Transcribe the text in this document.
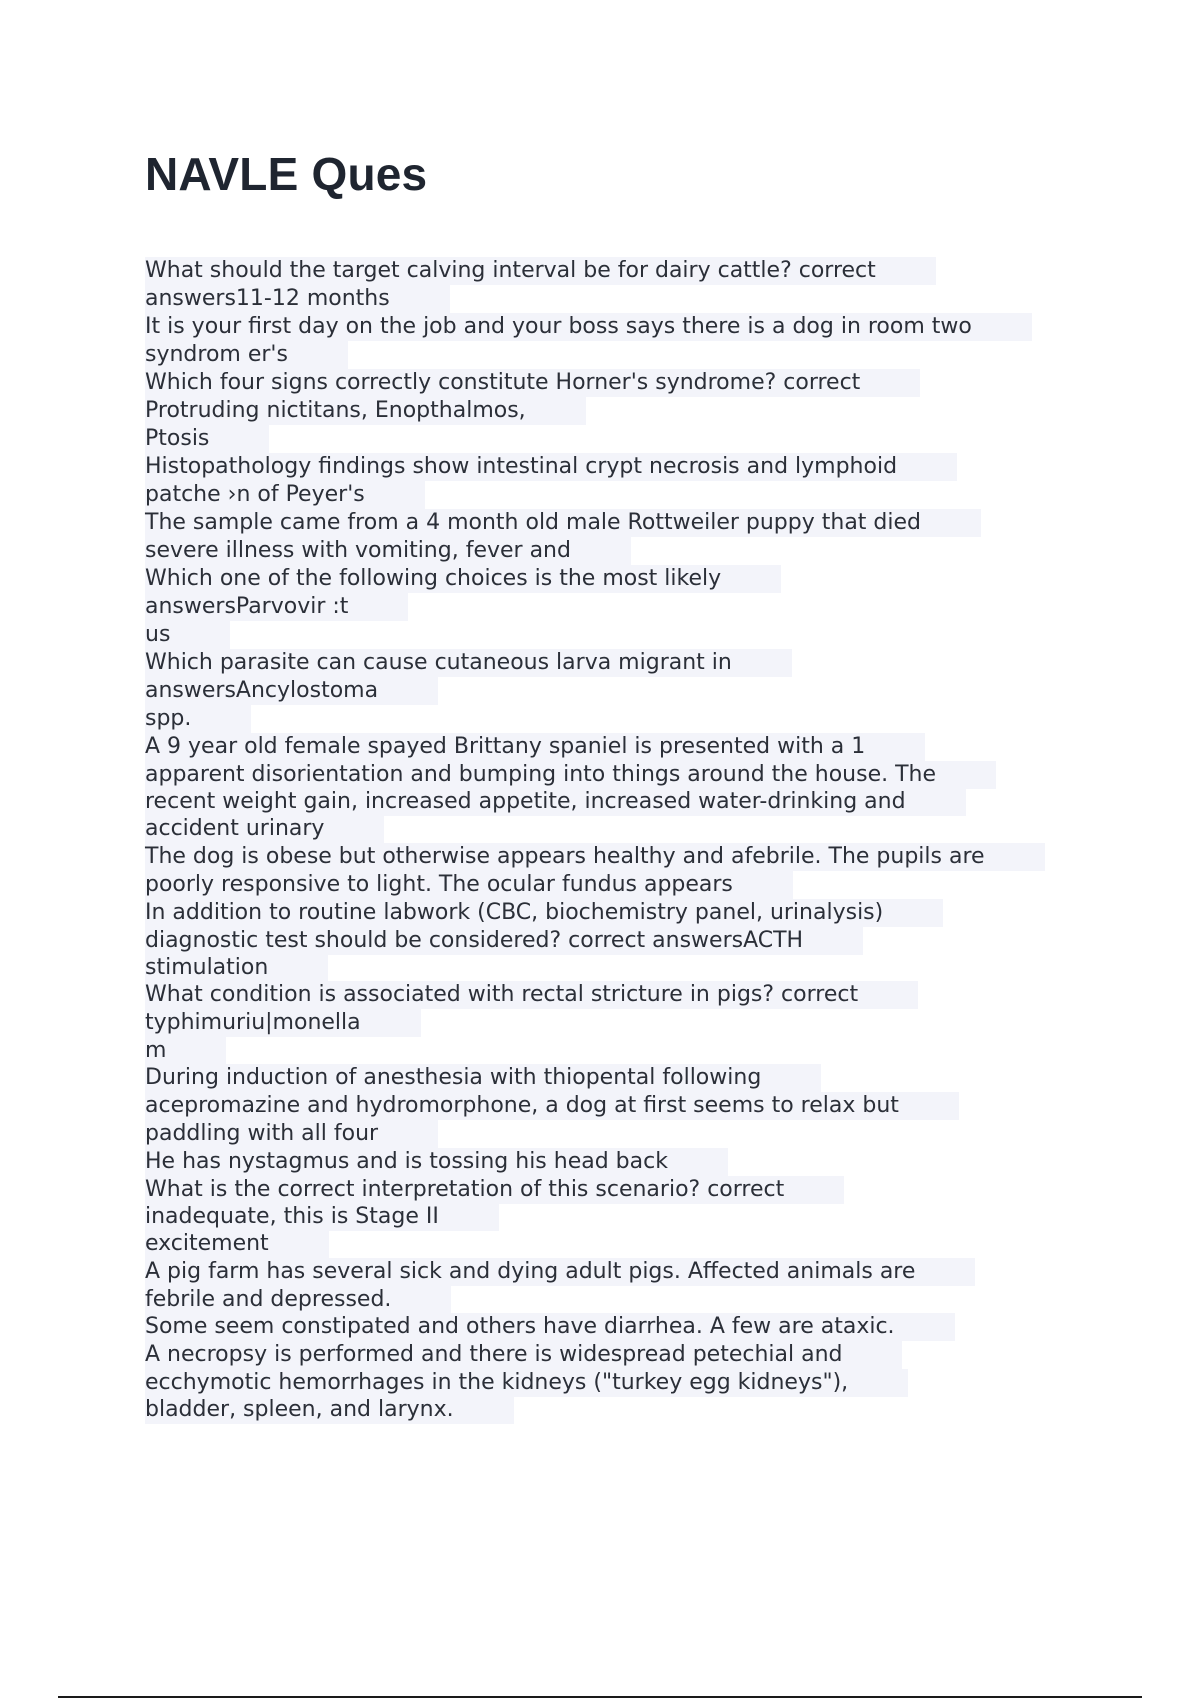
NAVLE Ques
What should the target calving interval be for dairy cattle? correct
answers11-12 months
It is your first day on the job and your boss says there is a dog in room two
syndrom er's
Which four signs correctly constitute Horner's syndrome? correct
Protruding nictitans, Enopthalmos,
Ptosis
Histopathology findings show intestinal crypt necrosis and lymphoid
patche ›n of Peyer's
The sample came from a 4 month old male Rottweiler puppy that died
severe illness with vomiting, fever and
Which one of the following choices is the most likely
answersParvovir :t
us
Which parasite can cause cutaneous larva migrant in
answersAncylostoma
spp.
A 9 year old female spayed Brittany spaniel is presented with a 1
apparent disorientation and bumping into things around the house. The
recent weight gain, increased appetite, increased water-drinking and
accident urinary
The dog is obese but otherwise appears healthy and afebrile. The pupils are
poorly responsive to light. The ocular fundus appears
In addition to routine labwork (CBC, biochemistry panel, urinalysis)
diagnostic test should be considered? correct answersACTH
stimulation
What condition is associated with rectal stricture in pigs? correct
typhimuriu|monella
m
During induction of anesthesia with thiopental following
acepromazine and hydromorphone, a dog at first seems to relax but
paddling with all four
He has nystagmus and is tossing his head back
What is the correct interpretation of this scenario? correct
inadequate, this is Stage II
excitement
A pig farm has several sick and dying adult pigs. Affected animals are
febrile and depressed.
Some seem constipated and others have diarrhea. A few are ataxic.
A necropsy is performed and there is widespread petechial and
ecchymotic hemorrhages in the kidneys ("turkey egg kidneys"),
bladder, spleen, and larynx.
